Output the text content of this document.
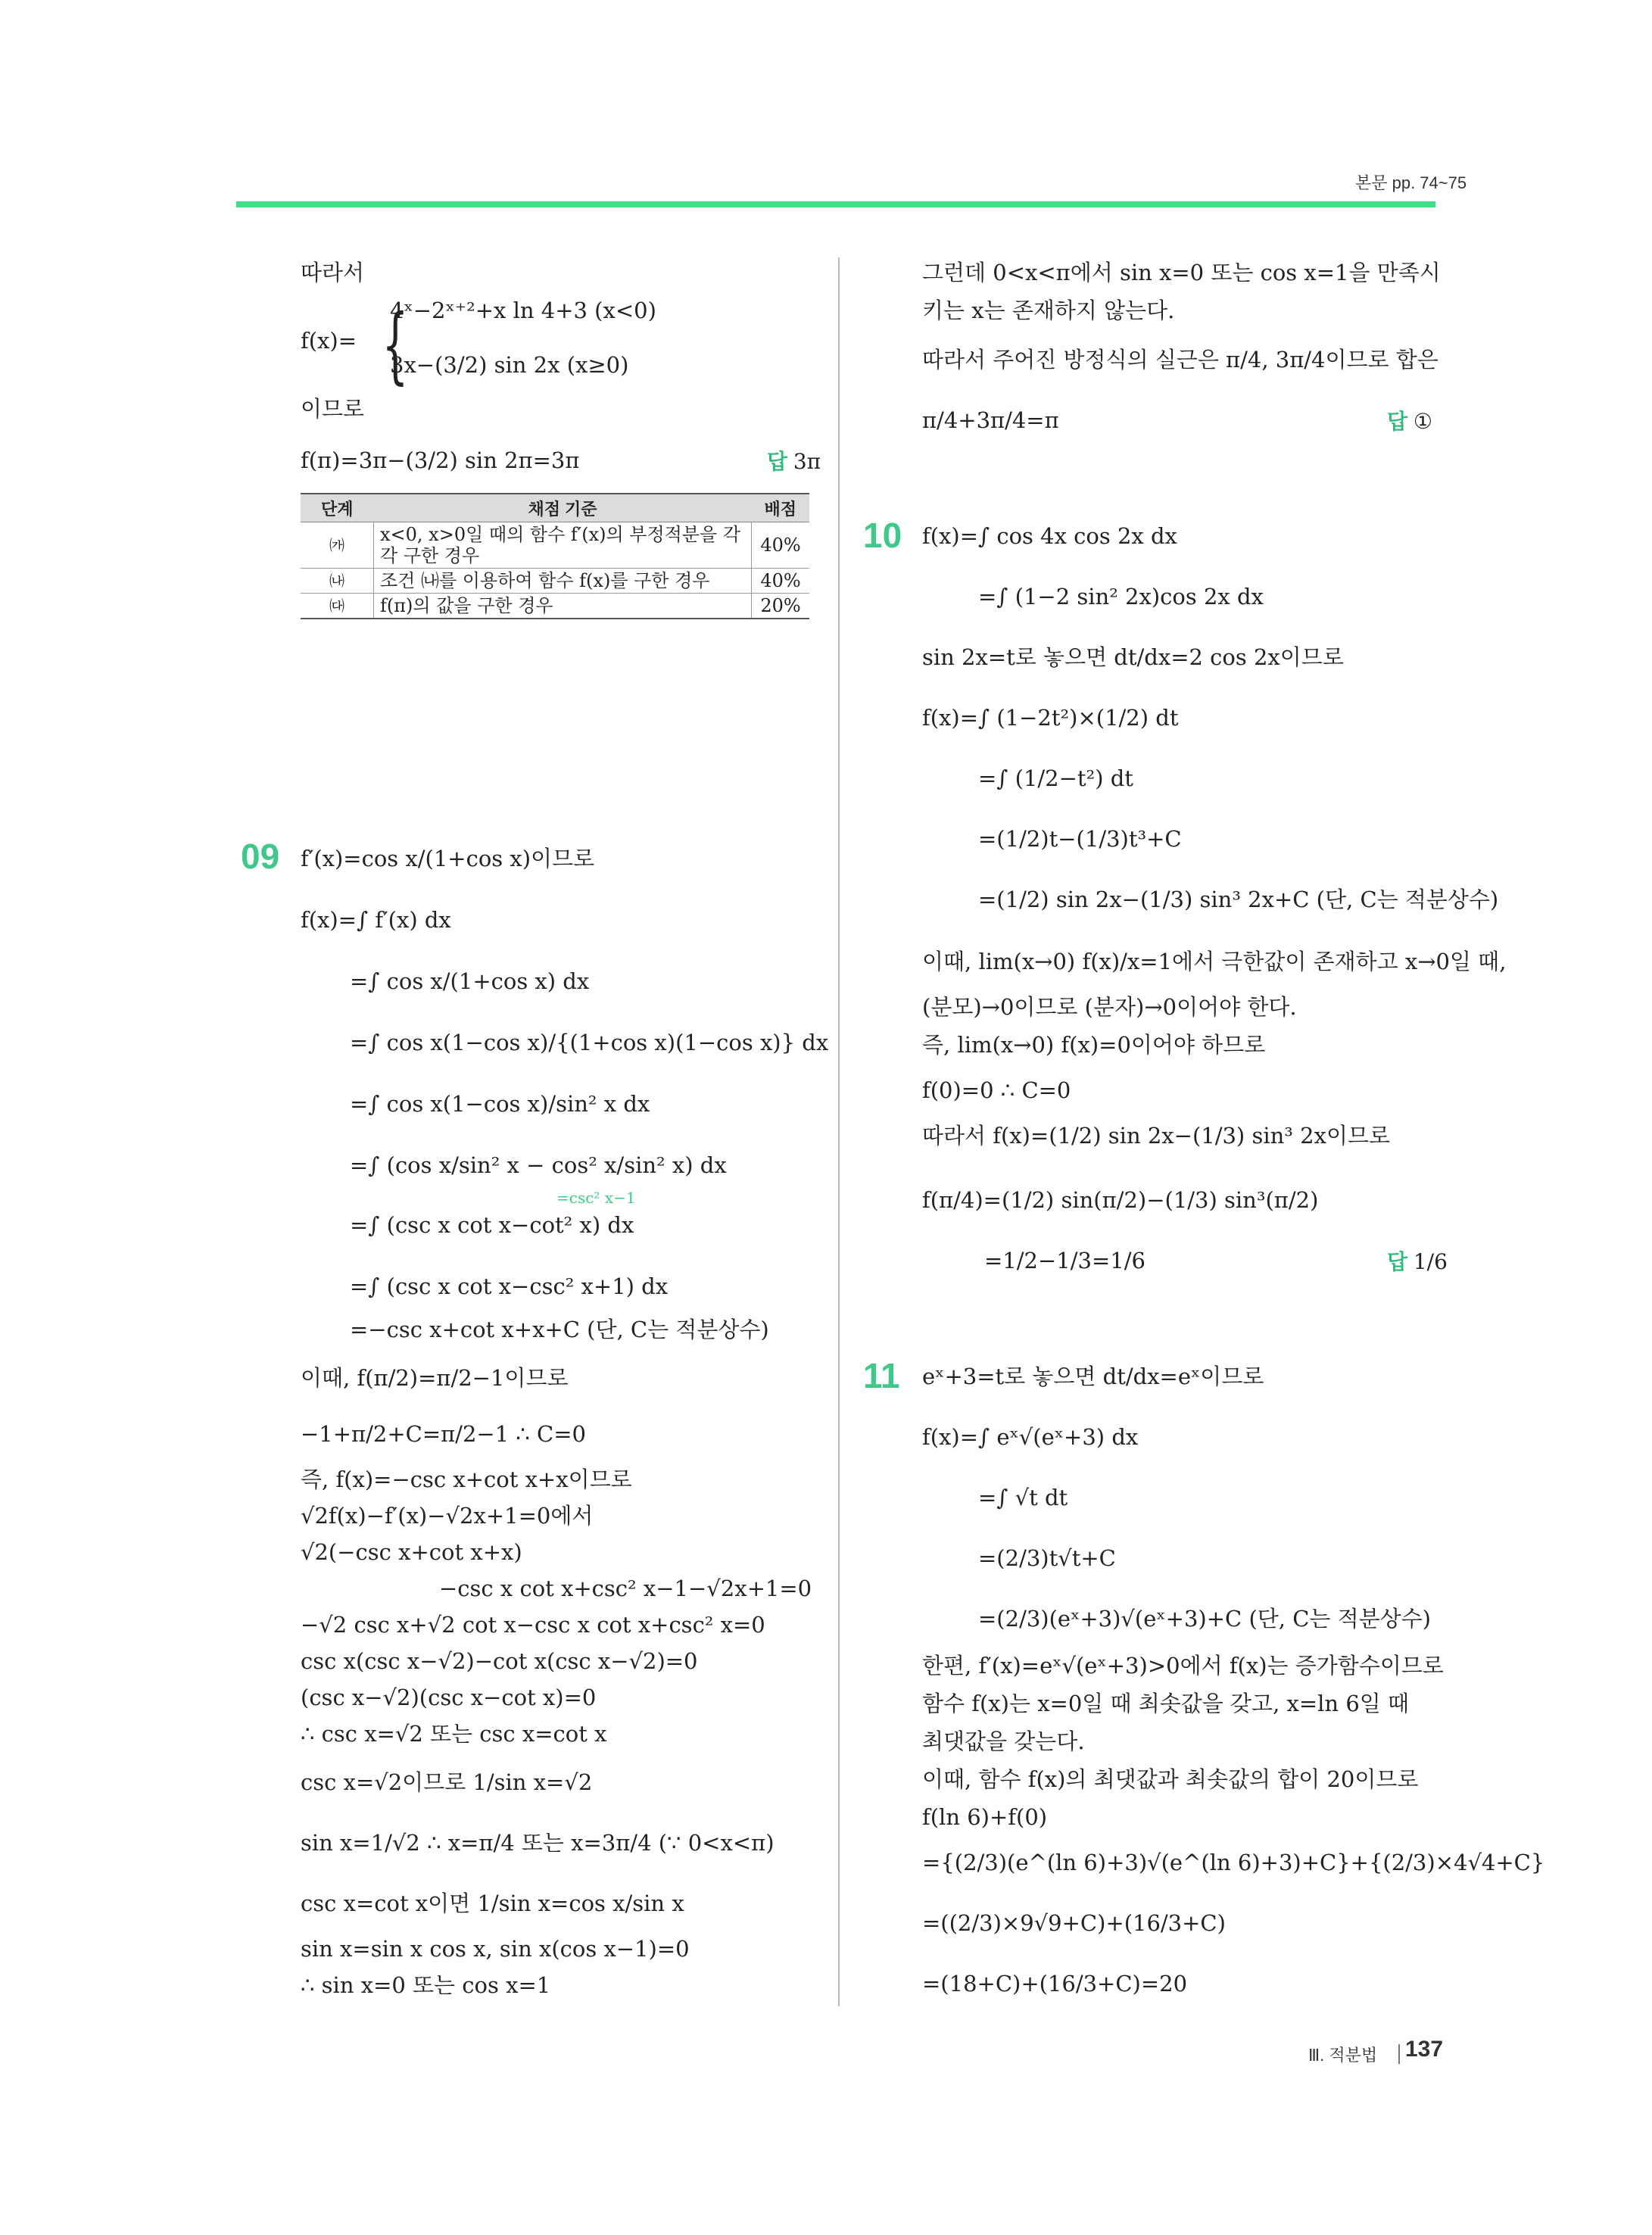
본문 pp. 74~75
따라서
f(x)= {
4ˣ−2ˣ⁺²+x ln 4+3 (x<0)
3x−(3/2) sin 2x (x≥0)
이므로
f(π)=3π−(3/2) sin 2π=3π	답 3π
단계	채점 기준	배점
㈎	x<0, x>0일 때의 함수 f′(x)의 부정적분을 각각 구한 경우	40%
㈏	조건 ㈏를 이용하여 함수 f(x)를 구한 경우	40%
㈐	f(π)의 값을 구한 경우	20%
09 f′(x)=cos x/(1+cos x)이므로
f(x)=∫ f′(x) dx
=∫ cos x/(1+cos x) dx
=∫ cos x(1−cos x)/{(1+cos x)(1−cos x)} dx
=∫ cos x(1−cos x)/sin² x dx
=∫ (cos x/sin² x − cos² x/sin² x) dx
=csc² x−1
=∫ (csc x cot x−cot² x) dx
=∫ (csc x cot x−csc² x+1) dx
=−csc x+cot x+x+C (단, C는 적분상수)
이때, f(π/2)=π/2−1이므로
−1+π/2+C=π/2−1 ∴ C=0
즉, f(x)=−csc x+cot x+x이므로
√2f(x)−f′(x)−√2x+1=0에서
√2(−csc x+cot x+x)
−csc x cot x+csc² x−1−√2x+1=0
−√2 csc x+√2 cot x−csc x cot x+csc² x=0
csc x(csc x−√2)−cot x(csc x−√2)=0
(csc x−√2)(csc x−cot x)=0
∴ csc x=√2 또는 csc x=cot x
csc x=√2이므로 1/sin x=√2
sin x=1/√2 ∴ x=π/4 또는 x=3π/4 (∵ 0<x<π)
csc x=cot x이면 1/sin x=cos x/sin x
sin x=sin x cos x, sin x(cos x−1)=0
∴ sin x=0 또는 cos x=1
그런데 0<x<π에서 sin x=0 또는 cos x=1을 만족시
키는 x는 존재하지 않는다.
따라서 주어진 방정식의 실근은 π/4, 3π/4이므로 합은
π/4+3π/4=π	답 ①
10 f(x)=∫ cos 4x cos 2x dx
=∫ (1−2 sin² 2x)cos 2x dx
sin 2x=t로 놓으면 dt/dx=2 cos 2x이므로
f(x)=∫ (1−2t²)×(1/2) dt
=∫ (1/2−t²) dt
=(1/2)t−(1/3)t³+C
=(1/2) sin 2x−(1/3) sin³ 2x+C (단, C는 적분상수)
이때, lim(x→0) f(x)/x=1에서 극한값이 존재하고 x→0일 때,
(분모)→0이므로 (분자)→0이어야 한다.
즉, lim(x→0) f(x)=0이어야 하므로
f(0)=0 ∴ C=0
따라서 f(x)=(1/2) sin 2x−(1/3) sin³ 2x이므로
f(π/4)=(1/2) sin(π/2)−(1/3) sin³(π/2)
=1/2−1/3=1/6	답 1/6
11 eˣ+3=t로 놓으면 dt/dx=eˣ이므로
f(x)=∫ eˣ√(eˣ+3) dx
=∫ √t dt
=(2/3)t√t+C
=(2/3)(eˣ+3)√(eˣ+3)+C (단, C는 적분상수)
한편, f′(x)=eˣ√(eˣ+3)>0에서 f(x)는 증가함수이므로
함수 f(x)는 x=0일 때 최솟값을 갖고, x=ln 6일 때
최댓값을 갖는다.
이때, 함수 f(x)의 최댓값과 최솟값의 합이 20이므로
f(ln 6)+f(0)
={(2/3)(e^(ln 6)+3)√(e^(ln 6)+3)+C}+{(2/3)×4√4+C}
=((2/3)×9√9+C)+(16/3+C)
=(18+C)+(16/3+C)=20
Ⅲ. 적분법 137
